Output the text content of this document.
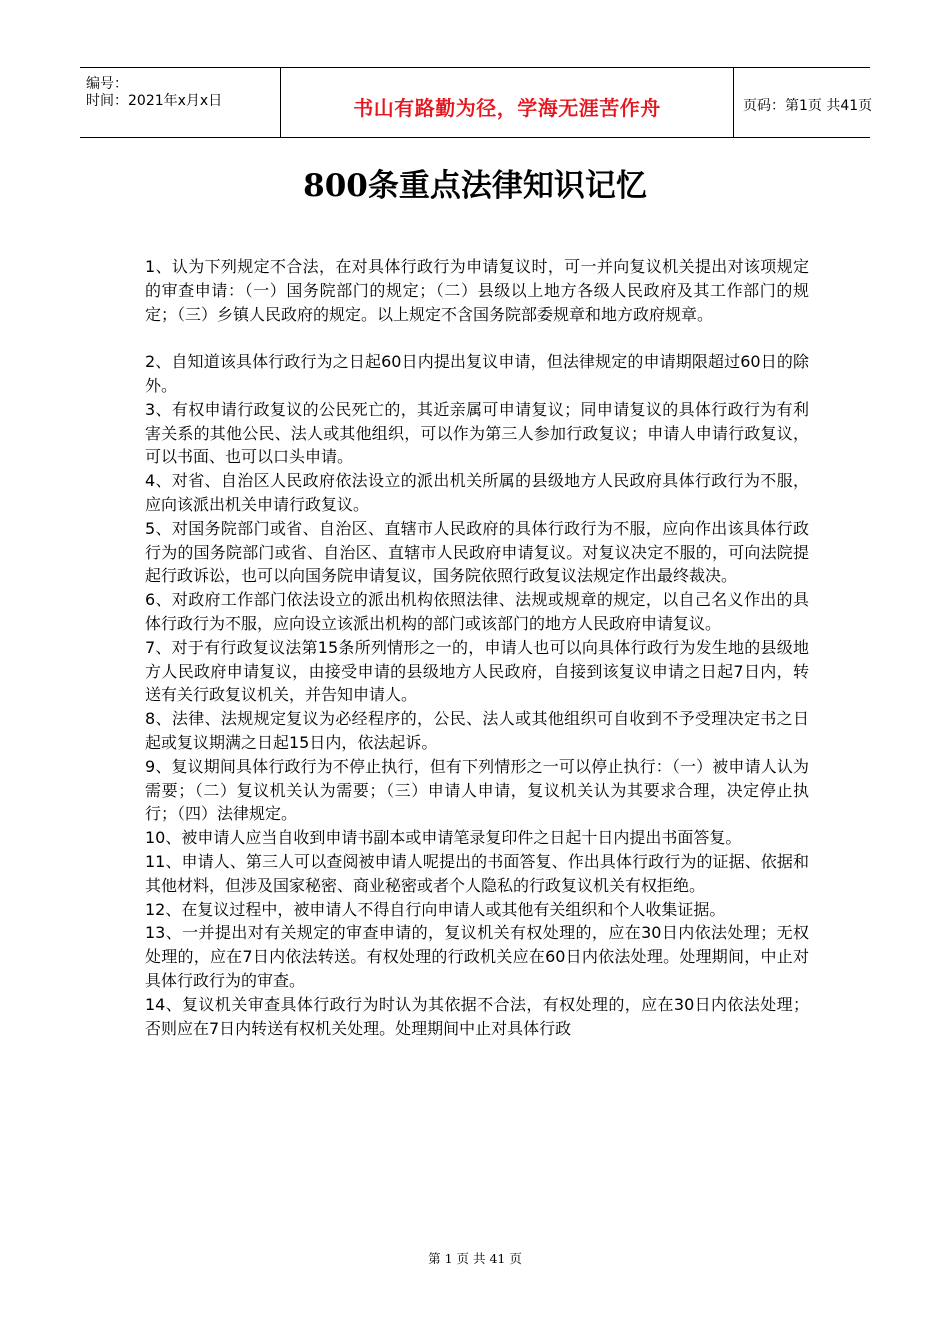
编号：
时间：2021年x月x日	书山有路勤为径，学海无涯苦作舟	页码：第1页 共41页
800条重点法律知识记忆

1、认为下列规定不合法，在对具体行政行为申请复议时，可一并向复议机关提出对该项规定的审查申请：（一）国务院部门的规定；（二）县级以上地方各级人民政府及其工作部门的规定；（三）乡镇人民政府的规定。以上规定不含国务院部委规章和地方政府规章。

2、自知道该具体行政行为之日起60日内提出复议申请，但法律规定的申请期限超过60日的除外。

3、有权申请行政复议的公民死亡的，其近亲属可申请复议；同申请复议的具体行政行为有利害关系的其他公民、法人或其他组织，可以作为第三人参加行政复议；申请人申请行政复议，可以书面、也可以口头申请。

4、对省、自治区人民政府依法设立的派出机关所属的县级地方人民政府具体行政行为不服，应向该派出机关申请行政复议。

5、对国务院部门或省、自治区、直辖市人民政府的具体行政行为不服，应向作出该具体行政行为的国务院部门或省、自治区、直辖市人民政府申请复议。对复议决定不服的，可向法院提起行政诉讼，也可以向国务院申请复议，国务院依照行政复议法规定作出最终裁决。

6、对政府工作部门依法设立的派出机构依照法律、法规或规章的规定，以自己名义作出的具体行政行为不服，应向设立该派出机构的部门或该部门的地方人民政府申请复议。

7、对于有行政复议法第15条所列情形之一的，申请人也可以向具体行政行为发生地的县级地方人民政府申请复议，由接受申请的县级地方人民政府，自接到该复议申请之日起7日内，转送有关行政复议机关，并告知申请人。

8、法律、法规规定复议为必经程序的，公民、法人或其他组织可自收到不予受理决定书之日起或复议期满之日起15日内，依法起诉。

9、复议期间具体行政行为不停止执行，但有下列情形之一可以停止执行：（一）被申请人认为需要；（二）复议机关认为需要；（三）申请人申请，复议机关认为其要求合理，决定停止执行；（四）法律规定。

10、被申请人应当自收到申请书副本或申请笔录复印件之日起十日内提出书面答复。

11、申请人、第三人可以查阅被申请人呢提出的书面答复、作出具体行政行为的证据、依据和其他材料，但涉及国家秘密、商业秘密或者个人隐私的行政复议机关有权拒绝。

12、在复议过程中，被申请人不得自行向申请人或其他有关组织和个人收集证据。

13、一并提出对有关规定的审查申请的，复议机关有权处理的，应在30日内依法处理；无权处理的，应在7日内依法转送。有权处理的行政机关应在60日内依法处理。处理期间，中止对具体行政行为的审查。

14、复议机关审查具体行政行为时认为其依据不合法，有权处理的，应在30日内依法处理；否则应在7日内转送有权机关处理。处理期间中止对具体行政

第 1 页 共 41 页
